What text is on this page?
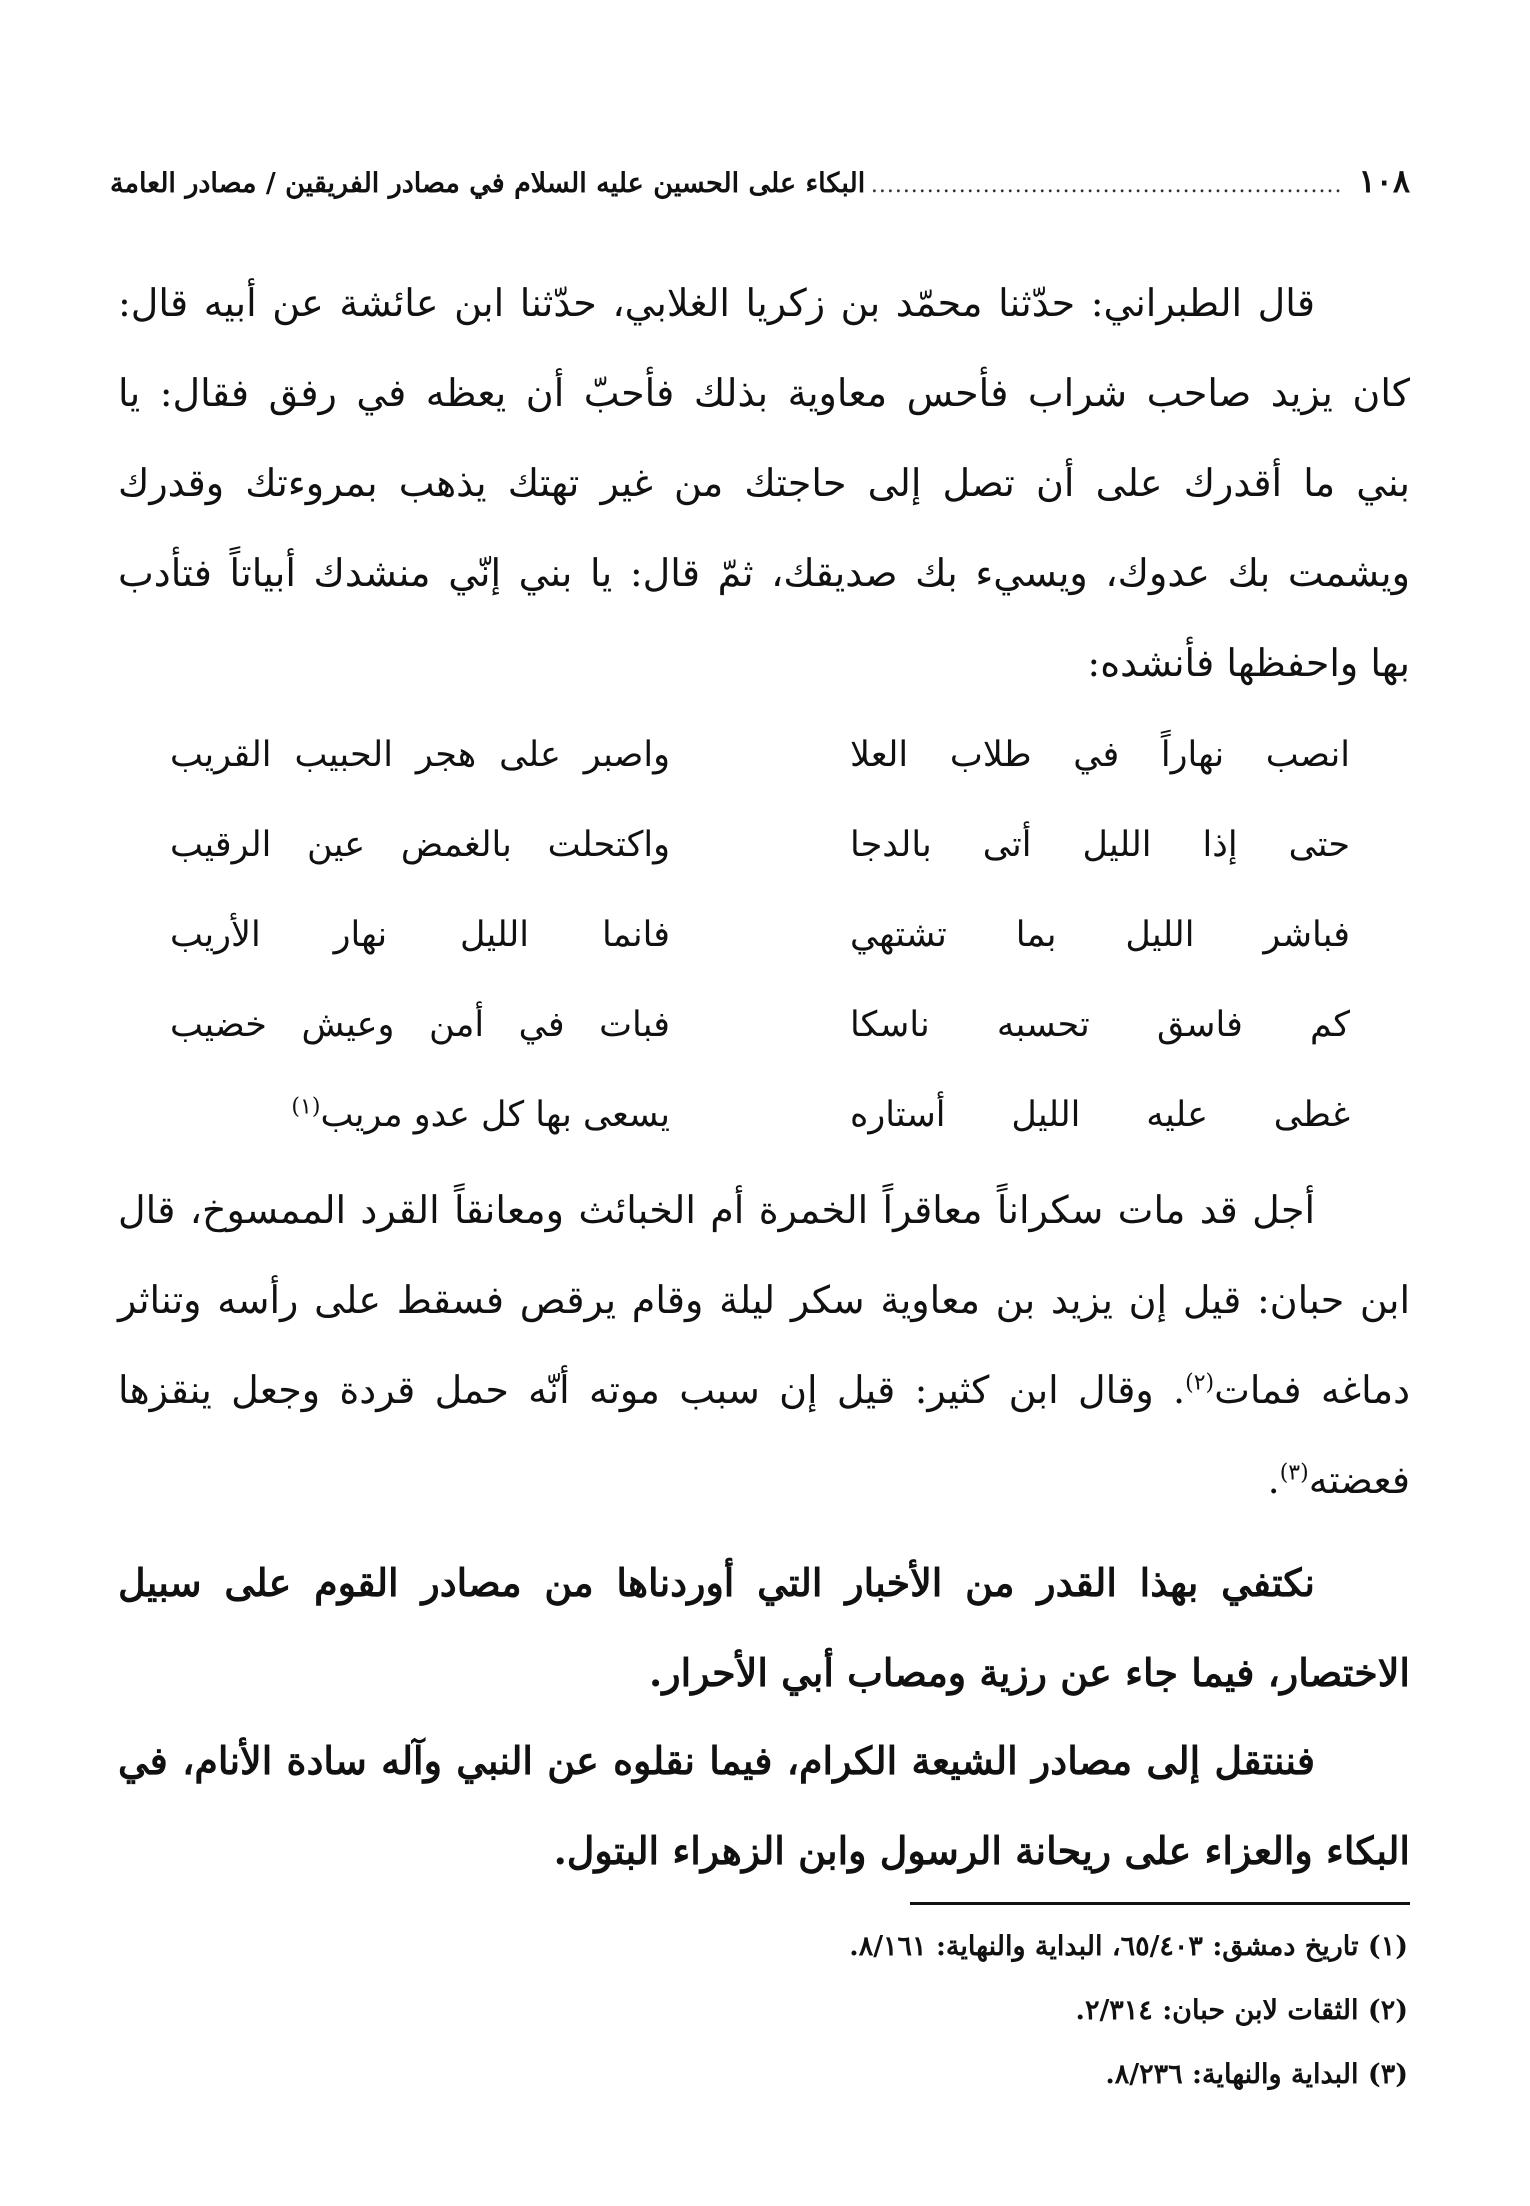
١٠٨
.....
البكاء على الحسين عليه السلام في مصادر الفريقين / مصادر العامة
قال الطبراني: حدّثنا محمّد بن زكريا الغلابي، حدّثنا ابن عائشة عن أبيه قال:
كان يزيد صاحب شراب فأحس معاوية بذلك فأحبّ أن يعظه في رفق فقال: يا
بني ما أقدرك على أن تصل إلى حاجتك من غير تهتك يذهب بمروءتك وقدرك
ويشمت بك عدوك، ويسيء بك صديقك، ثمّ قال: يا بني إنّي منشدك أبياتاً فتأدب
بها واحفظها فأنشده:
انصب نهاراً في طلاب العلا
واصبر على هجر الحبيب القريب
حتى إذا الليل أتى بالدجا
واكتحلت بالغمض عين الرقيب
فباشر الليل بما تشتهي
فانما الليل نهار الأريب
كم فاسق تحسبه ناسكا
فبات في أمن وعيش خضيب
غطى عليه الليل أستاره
يسعى بها كل عدو مريب$^{(١)}$
أجل قد مات سكراناً معاقراً الخمرة أم الخبائث ومعانقاً القرد الممسوخ، قال
ابن حبان: قيل إن يزيد بن معاوية سكر ليلة وقام يرقص فسقط على رأسه وتناثر
دماغه فمات$^{(٢)}$. وقال ابن كثير: قيل إن سبب موته أنّه حمل قردة وجعل ينقزها
فعضته$^{(٣)}$.
نكتفي بهذا القدر من الأخبار التي أوردناها من مصادر القوم على سبيل
الاختصار، فيما جاء عن رزية ومصاب أبي الأحرار.
فننتقل إلى مصادر الشيعة الكرام، فيما نقلوه عن النبي وآله سادة الأنام، في
البكاء والعزاء على ريحانة الرسول وابن الزهراء البتول.
(١) تاريخ دمشق: ٦٥/٤٠٣، البداية والنهاية: ٨/١٦١.
(٢) الثقات لابن حبان: ٢/٣١٤.
(٣) البداية والنهاية: ٨/٢٣٦.
